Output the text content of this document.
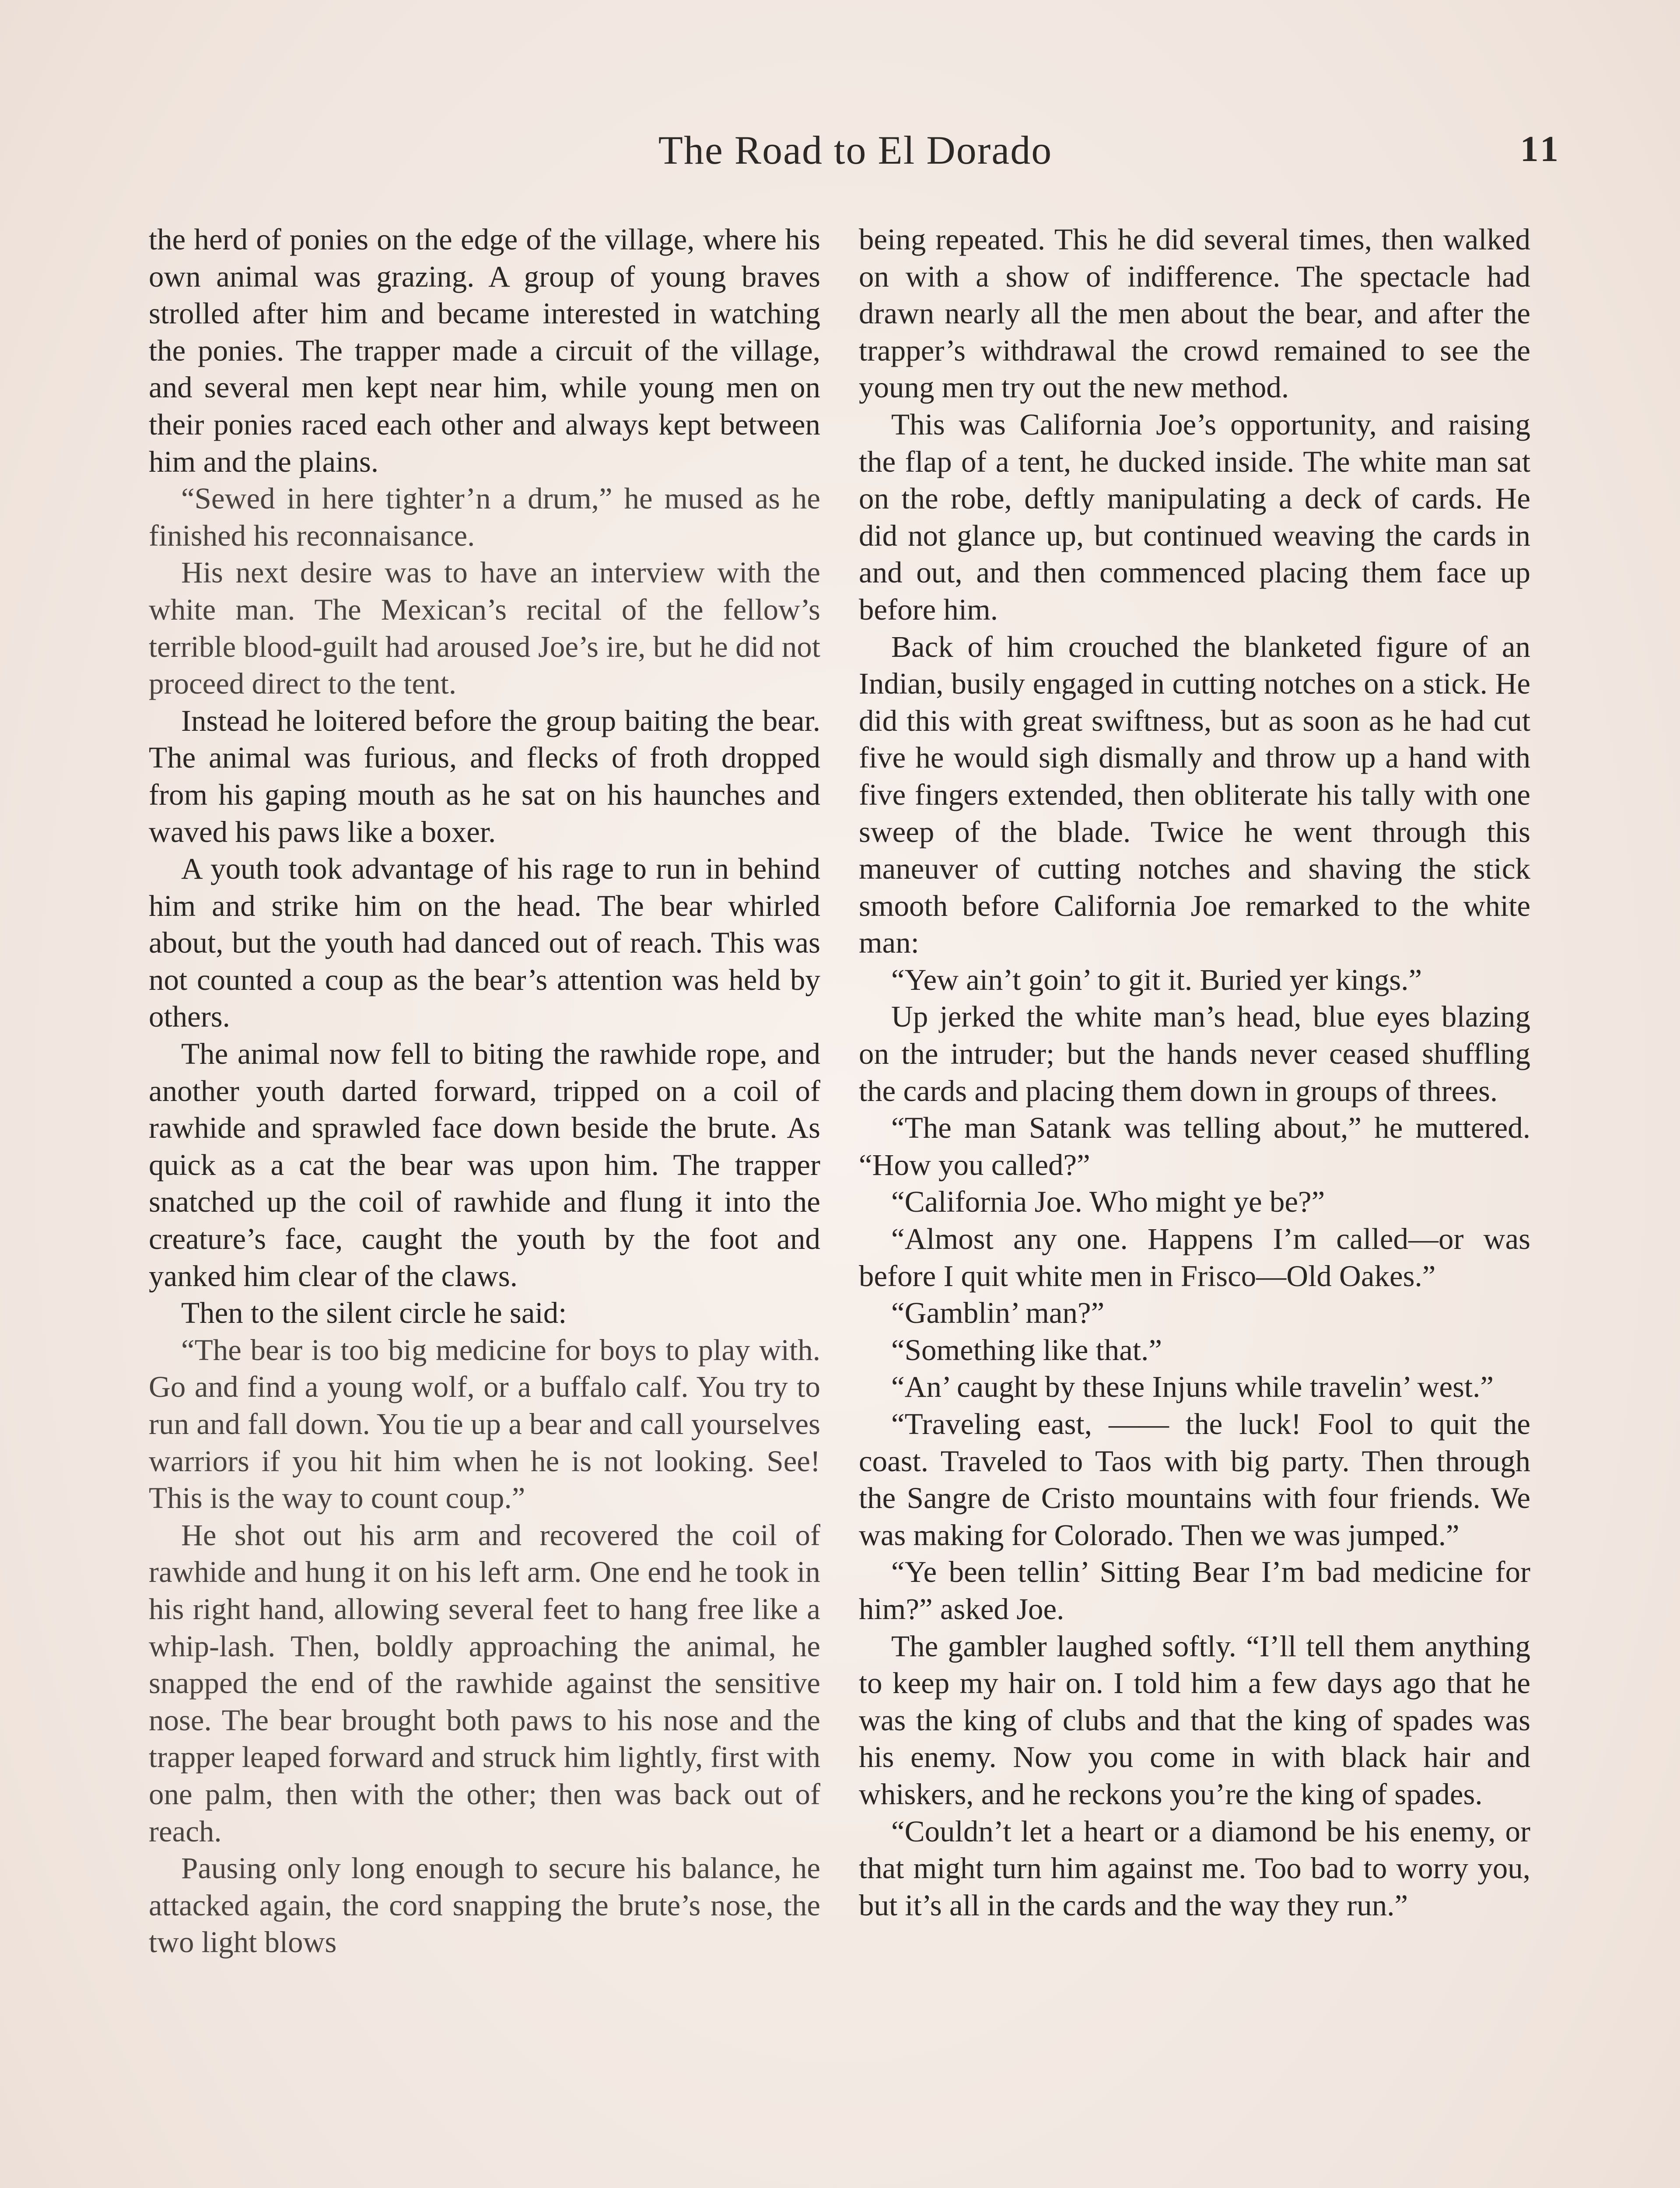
The Road to El Dorado	11

the herd of ponies on the edge of the village, where his own animal was grazing. A group of young braves strolled after him and became interested in watching the ponies. The trapper made a circuit of the village, and several men kept near him, while young men on their ponies raced each other and always kept between him and the plains.

“Sewed in here tighter’n a drum,” he mused as he finished his reconnaisance.

His next desire was to have an interview with the white man. The Mexican’s recital of the fellow’s terrible blood-guilt had aroused Joe’s ire, but he did not proceed direct to the tent.

Instead he loitered before the group baiting the bear. The animal was furious, and flecks of froth dropped from his gaping mouth as he sat on his haunches and waved his paws like a boxer.

A youth took advantage of his rage to run in behind him and strike him on the head. The bear whirled about, but the youth had danced out of reach. This was not counted a coup as the bear’s attention was held by others.

The animal now fell to biting the rawhide rope, and another youth darted forward, tripped on a coil of rawhide and sprawled face down beside the brute. As quick as a cat the bear was upon him. The trapper snatched up the coil of rawhide and flung it into the creature’s face, caught the youth by the foot and yanked him clear of the claws.

Then to the silent circle he said:

“The bear is too big medicine for boys to play with. Go and find a young wolf, or a buffalo calf. You try to run and fall down. You tie up a bear and call yourselves warriors if you hit him when he is not looking. See! This is the way to count coup.”

He shot out his arm and recovered the coil of rawhide and hung it on his left arm. One end he took in his right hand, allowing several feet to hang free like a whip-lash. Then, boldly approaching the animal, he snapped the end of the rawhide against the sensitive nose. The bear brought both paws to his nose and the trapper leaped forward and struck him lightly, first with one palm, then with the other; then was back out of reach.

Pausing only long enough to secure his balance, he attacked again, the cord snapping the brute’s nose, the two light blows

being repeated. This he did several times, then walked on with a show of indifference. The spectacle had drawn nearly all the men about the bear, and after the trapper’s withdrawal the crowd remained to see the young men try out the new method.

This was California Joe’s opportunity, and raising the flap of a tent, he ducked inside. The white man sat on the robe, deftly manipulating a deck of cards. He did not glance up, but continued weaving the cards in and out, and then commenced placing them face up before him.

Back of him crouched the blanketed figure of an Indian, busily engaged in cutting notches on a stick. He did this with great swiftness, but as soon as he had cut five he would sigh dismally and throw up a hand with five fingers extended, then obliterate his tally with one sweep of the blade. Twice he went through this maneuver of cutting notches and shaving the stick smooth before California Joe remarked to the white man:

“Yew ain’t goin’ to git it. Buried yer kings.”

Up jerked the white man’s head, blue eyes blazing on the intruder; but the hands never ceased shuffling the cards and placing them down in groups of threes.

“The man Satank was telling about,” he muttered. “How you called?”

“California Joe. Who might ye be?”

“Almost any one. Happens I’m called—or was before I quit white men in Frisco—Old Oakes.”

“Gamblin’ man?”

“Something like that.”

“An’ caught by these Injuns while travelin’ west.”

“Traveling east, —— the luck! Fool to quit the coast. Traveled to Taos with big party. Then through the Sangre de Cristo mountains with four friends. We was making for Colorado. Then we was jumped.”

“Ye been tellin’ Sitting Bear I’m bad medicine for him?” asked Joe.

The gambler laughed softly. “I’ll tell them anything to keep my hair on. I told him a few days ago that he was the king of clubs and that the king of spades was his enemy. Now you come in with black hair and whiskers, and he reckons you’re the king of spades.

“Couldn’t let a heart or a diamond be his enemy, or that might turn him against me. Too bad to worry you, but it’s all in the cards and the way they run.”
